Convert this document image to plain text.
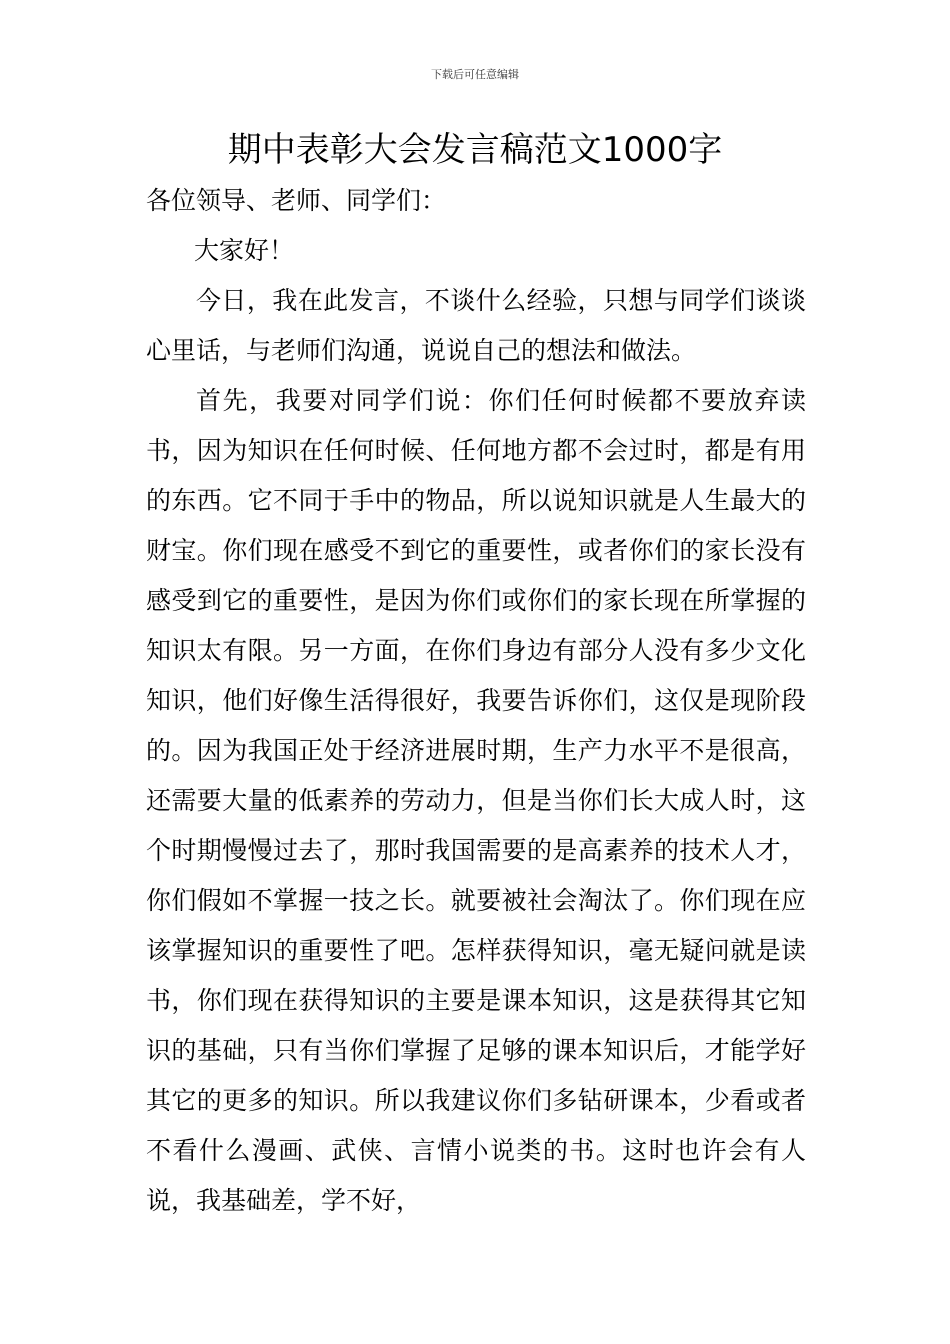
下载后可任意编辑
期中表彰大会发言稿范文1000字

各位领导、老师、同学们：

大家好！

今日，我在此发言，不谈什么经验，只想与同学们谈谈心里话，与老师们沟通，说说自己的想法和做法。

首先，我要对同学们说：你们任何时候都不要放弃读书，因为知识在任何时候、任何地方都不会过时，都是有用的东西。它不同于手中的物品，所以说知识就是人生最大的财宝。你们现在感受不到它的重要性，或者你们的家长没有感受到它的重要性，是因为你们或你们的家长现在所掌握的知识太有限。另一方面，在你们身边有部分人没有多少文化知识，他们好像生活得很好，我要告诉你们，这仅是现阶段的。因为我国正处于经济进展时期，生产力水平不是很高，还需要大量的低素养的劳动力，但是当你们长大成人时，这个时期慢慢过去了，那时我国需要的是高素养的技术人才，你们假如不掌握一技之长。就要被社会淘汰了。你们现在应该掌握知识的重要性了吧。怎样获得知识，毫无疑问就是读书，你们现在获得知识的主要是课本知识，这是获得其它知识的基础，只有当你们掌握了足够的课本知识后，才能学好其它的更多的知识。所以我建议你们多钻研课本，少看或者不看什么漫画、武侠、言情小说类的书。这时也许会有人说，我基础差，学不好，
